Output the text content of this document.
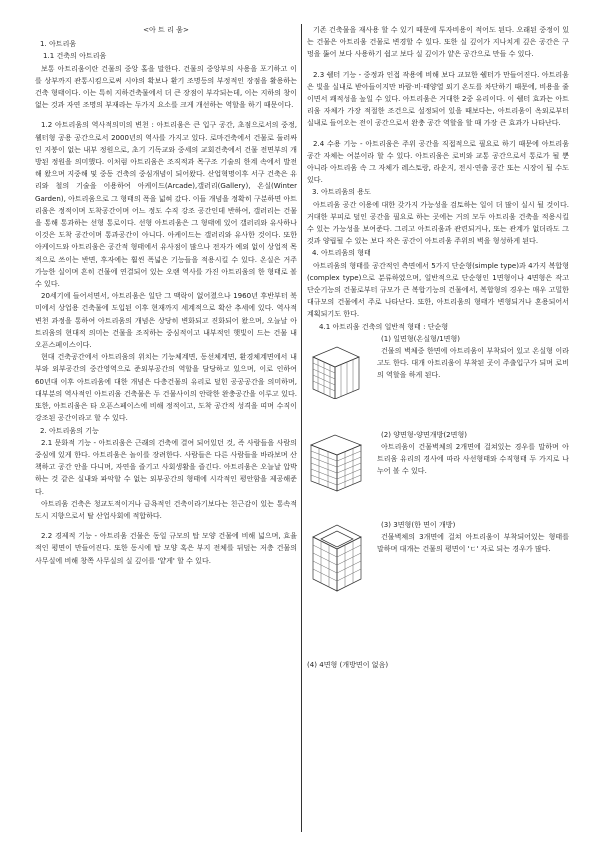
<아 트 리 움>
1. 아트리움
1.1 건축의 아트리움

보통 아트리움이란 건물의 중앙 홀을 말한다. 건물의 중앙부의 사용을 포기하고 이를 상부까지 관통시킴으로써 시야의 확보나 환기 조명등의 부정적인 장점을 활용하는 건축 형태이다. 이는 특히 지하건축물에서 더 큰 장점이 부각되는데, 이는 지하의 창이 없는 것과 자연 조명의 부재라는 두가지 요소를 크게 개선하는 역할을 하기 때문이다.

1.2 아트리움의 역사적의미의 변천 : 아트리움은 큰 입구 공간, 초점으로서의 중정, 웰터형 공용 공간으로서 2000년의 역사를 가지고 있다. 로마건축에서 건물로 둘러싸인 지붕이 없는 내부 정원으로, 초기 기독교와 중세의 교회건축에서 건물 전면부의 개방된 정원을 의미했다. 이처럼 아트리움은 조직적과 목구조 기술의 한계 속에서 발전해 왔으며 지중해 및 중동 건축의 중심개념이 되어왔다. 산업혁명이후 서구 건축은 유리와 철의 기술을 이용하여 아케이드(Arcade),갤러리(Gallery), 온실(Winter Garden), 아트리움으로 그 형태의 폭을 넓혀 갔다. 이들 개념을 정확히 구분하면 아트리움은 정적이며 도착공간이며 어느 정도 수직 강조 공간인데 반하여, 갤러리는 건물을 통해 통과하는 선형 통로이다. 선형 아트리움은 그 형태에 있어 갤러리와 유사하나 이것은 도착 공간이며 통과공간이 아니다. 아케이드는 갤러리와 유사한 것이다. 또한 아케이드와 아트리움은 공간적 형태에서 유사점이 많으나 전자가 예외 없이 상업적 목적으로 쓰이는 반면, 후자에는 훨씬 폭넓은 기능들을 적용시킬 수 있다. 온실은 거주 가능한 실이며 흔히 건물에 연결되어 있는 오랜 역사를 가진 아트리움의 한 형태로 볼 수 있다.

20세기에 들어서면서, 아트리움은 일단 그 맥락이 없어졌으나 1960년 후반부터 북미에서 상업용 건축물에 도입된 이후 현재까지 세계적으로 확산 추세에 있다. 역사적 변천 과정을 통하여 아트리움의 개념은 상당히 변화되고 진화되어 왔으며, 오늘날 아트리움의 현대적 의미는 건물을 조직하는 중심적이고 내부적인 햇빛이 드는 건물 내 오픈스페이스이다.

현대 건축공간에서 아트리움의 위치는 기능체계면, 동선체계면, 환경체계면에서 내부와 외부공간의 중간영역으로 준외부공간의 역할을 담당하고 있으며, 이로 인하여 60년대 이후 아트리움에 대한 개념은 다층건물의 유리로 덮힌 공공공간을 의미하며, 대부분의 역사적인 아트리움 건축물은 두 건물사이의 안락한 완충공간을 이루고 있다. 또한, 아트리움은 타 오픈스페이스에 비해 정적이고, 도착 공간적 성격을 띠며 수직이 강조된 공간이라고 할 수 있다.

2. 아트리움의 기능

2.1 문화적 기능 - 아트리움은 근래의 건축에 결여 되어있던 것, 즉 사람들을 사람의 중심에 있게 한다. 아트리움은 놀이를 장려한다. 사람들은 다른 사람들을 바라보며 산책하고 공간 안을 다니며, 자연을 즐기고 사회생활을 즐긴다. 아트리움은 오늘날 압박하는 것 같은 실내와 파악할 수 없는 외부공간의 형태에 시각적인 평안함을 제공해준다.

아트리움 건축은 청교도적이거나 금욕적인 건축이라기보다는 친근감이 있는 통속적 도시 지향으로서 탈 산업사회에 적합하다.

2.2 경제적 기능 - 아트리움 건물은 동일 규모의 탑 모양 건물에 비해 넓으며, 효율적인 평면이 만들어진다. 또한 동시에 탑 모양 혹은 부지 전체를 뒤덮는 저층 건물의 사무실에 비해 창쪽 사무실의 실 깊이를 '얕게' 할 수 있다.

기존 건축물을 재사용 할 수 있기 때문에 투자비용이 적어도 된다. 오래된 중정이 있는 건물은 아트리움 건물로 변경할 수 있다. 또한 실 깊이가 지나치게 깊은 공간은 구멍을 뚫어 보다 사용하기 쉽고 보다 실 깊이가 얕은 공간으로 만들 수 있다.

2.3 쉘터 기능 - 중정과 인접 작용에 비해 보다 교묘한 쉘터가 만들어진다. 아트리움은 빛을 실내로 받아들이지만 바람·비·태양열 외기 온도를 차단하기 때문에, 비용을 줄이면서 쾌적성을 높일 수 있다. 아트리움은 거대한 2중 유리이다. 이 쉘터 효과는 아트리움 자체가 가장 적절한 조건으로 설정되어 있을 때보다는, 아트리움이 옥외로부터 실내로 들어오는 전이 공간으로서 완충 공간 역할을 할 때 가장 큰 효과가 나타난다.

2.4 수용 기능 - 아트리움은 주위 공간을 직접적으로 필요로 하기 때문에 아트리움 공간 자체는 여분이라 할 수 있다. 아트리움은 로비와 교통 공간으로서 통로가 될 뿐 아니라 아트리움 속 그 자체가 레스토랑, 라운지, 전시·연출 공간 또는 시장이 될 수도 있다.

3. 아트리움의 용도

아트리움 공간 이용에 대한 갖가지 가능성을 검토하는 일이 더 많이 실시 될 것이다. 거대한 부피로 덮인 공간을 필요로 하는 곳에는 거의 모두 아트리움 건축을 적용시킬 수 있는 가능성을 보여준다. 그리고 아트리움과 관련되거나, 또는 관계가 없더라도 그것과 양립될 수 있는 보다 작은 공간이 아트리움 주위의 벽을 형성하게 된다.

4. 아트리움의 형태

아트리움의 형태를 공간적인 측면에서 5가지 단순형(simple type)과 4가지 복합형(complex type)으로 분류하였으며, 일반적으로 단순형인 1면형이나 4면형은 작고 단순기능의 건물로부터 규모가 큰 복합기능의 건물에서, 복합형의 경우는 매우 고밀한 대규모의 건물에서 주로 나타난다. 또한, 아트리움의 형태가 변형되거나 혼용되어서 계획되기도 한다.

4.1 아트리움 건축의 일반적 형태 : 단순형
(1) 일면형(온실형/1면형)

건물의 벽체중 한면에 아트리움이 부착되어 있고 온실형 이라고도 한다. 대개 아트리움이 부착된 곳이 주출입구가 되며 로비의 역할을 하게 된다.

(2) 양면형-양면개방(2면형)

아트리움이 건물벽체의 2개면에 걸쳐있는 경우를 말하며 아트리움 유리의 경사에 따라 사선형태와 수직형태 두 가지로 나누어 볼 수 있다.

(3) 3면형(한 면이 개방)

건물벽체의 3개면에 걸쳐 아트리움이 부착되어있는 형태를 말하며 대개는 건물의 평면이 'ㄷ' 자로 되는 경우가 많다.

(4) 4면형 (개방면이 없음)
